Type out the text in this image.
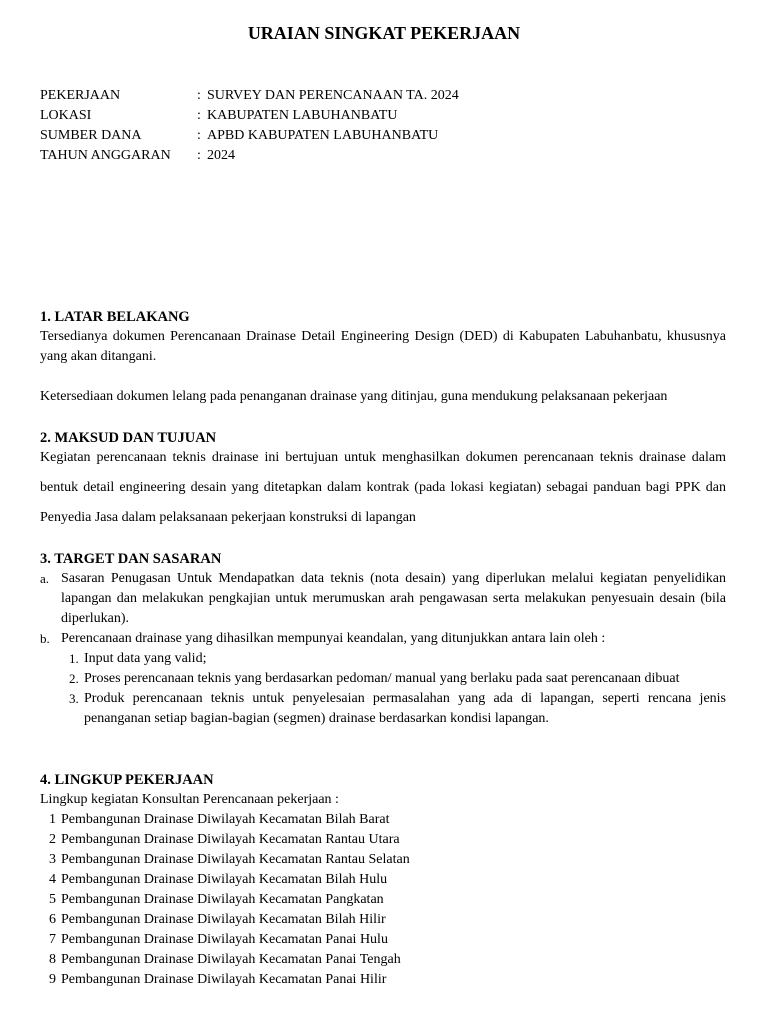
URAIAN SINGKAT PEKERJAAN
PEKERJAAN	: SURVEY DAN PERENCANAAN TA. 2024
LOKASI	: KABUPATEN LABUHANBATU
SUMBER DANA	: APBD KABUPATEN LABUHANBATU
TAHUN ANGGARAN	: 2024
1. LATAR BELAKANG
Tersedianya dokumen Perencanaan Drainase Detail Engineering Design (DED) di Kabupaten Labuhanbatu, khususnya yang akan ditangani.
Ketersediaan dokumen lelang pada penanganan drainase yang ditinjau, guna mendukung pelaksanaan pekerjaan
2. MAKSUD DAN TUJUAN
Kegiatan perencanaan teknis drainase ini bertujuan untuk menghasilkan dokumen perencanaan teknis drainase dalam bentuk detail engineering desain yang ditetapkan dalam kontrak (pada lokasi kegiatan) sebagai panduan bagi PPK dan Penyedia Jasa dalam pelaksanaan pekerjaan konstruksi di lapangan
3. TARGET DAN SASARAN
a. Sasaran Penugasan Untuk Mendapatkan data teknis (nota desain) yang diperlukan melalui kegiatan penyelidikan lapangan dan melakukan pengkajian untuk merumuskan arah pengawasan serta melakukan penyesuain desain (bila diperlukan).
b. Perencanaan drainase yang dihasilkan mempunyai keandalan, yang ditunjukkan antara lain oleh :
1. Input data yang valid;
2. Proses perencanaan teknis yang berdasarkan pedoman/ manual yang berlaku pada saat perencanaan dibuat
3. Produk perencanaan teknis untuk penyelesaian permasalahan yang ada di lapangan, seperti rencana jenis penanganan setiap bagian-bagian (segmen) drainase berdasarkan kondisi lapangan.
4. LINGKUP PEKERJAAN
Lingkup kegiatan Konsultan Perencanaan pekerjaan :
1 Pembangunan Drainase Diwilayah Kecamatan Bilah Barat
2 Pembangunan Drainase Diwilayah Kecamatan Rantau Utara
3 Pembangunan Drainase Diwilayah Kecamatan Rantau Selatan
4 Pembangunan Drainase Diwilayah Kecamatan Bilah Hulu
5 Pembangunan Drainase Diwilayah Kecamatan Pangkatan
6 Pembangunan Drainase Diwilayah Kecamatan Bilah Hilir
7 Pembangunan Drainase Diwilayah Kecamatan Panai Hulu
8 Pembangunan Drainase Diwilayah Kecamatan Panai Tengah
9 Pembangunan Drainase Diwilayah Kecamatan Panai Hilir
